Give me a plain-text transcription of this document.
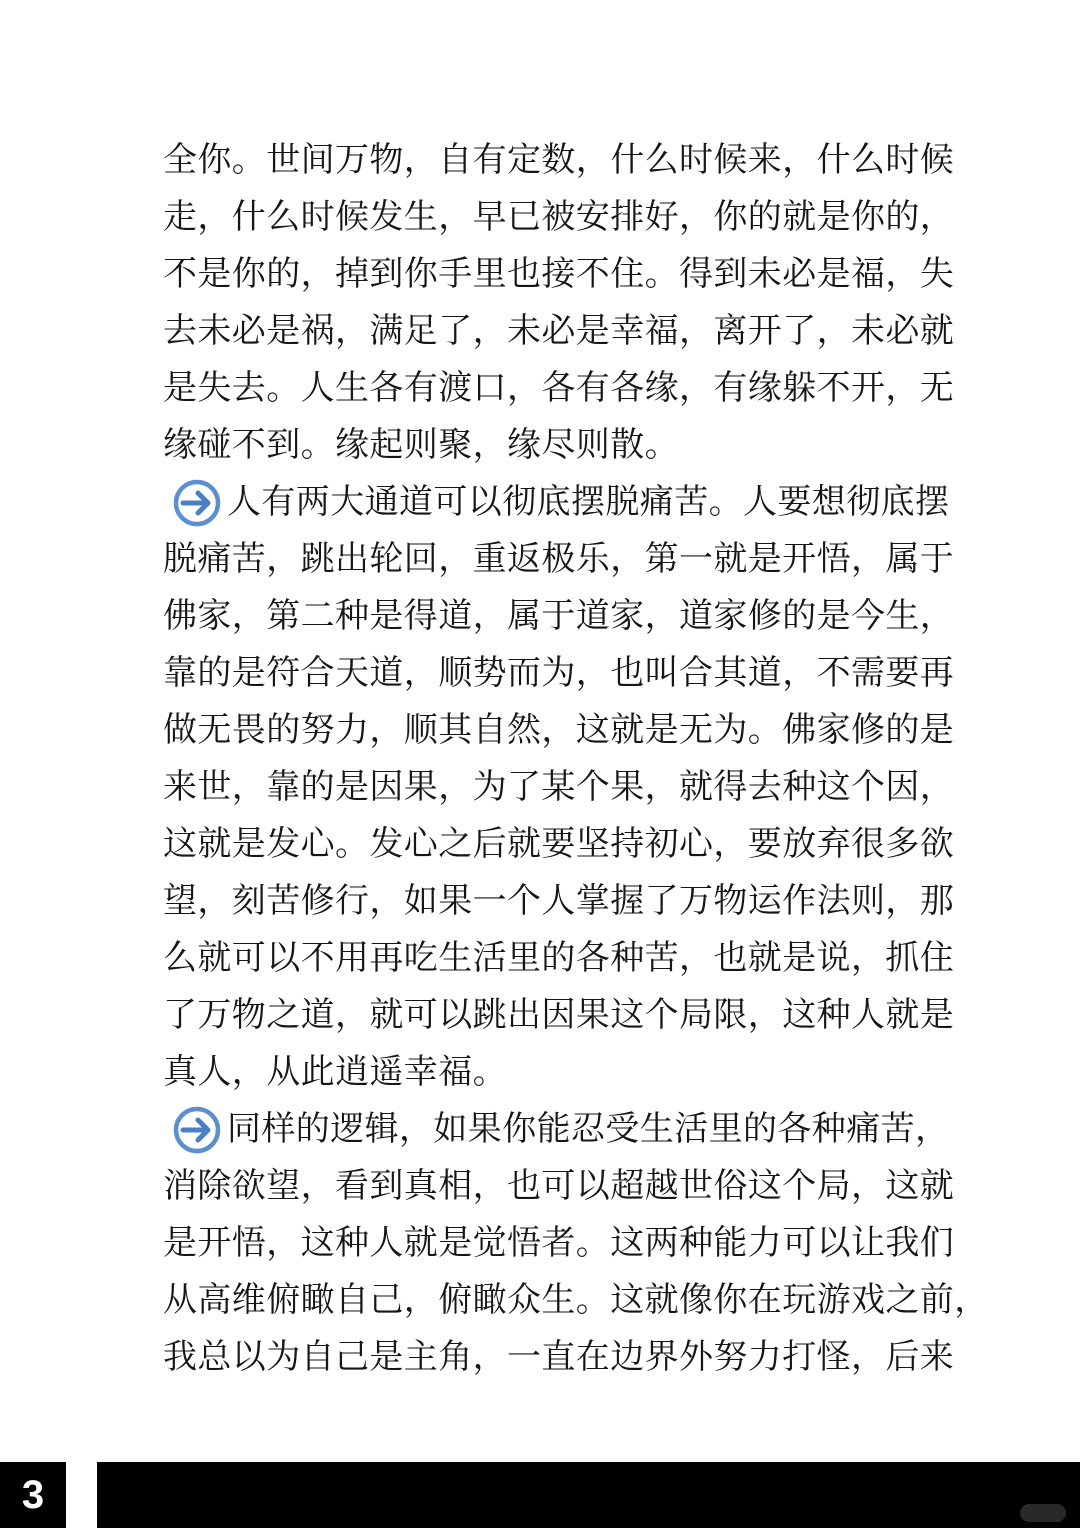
全你。世间万物，自有定数，什么时候来，什么时候
走，什么时候发生，早已被安排好，你的就是你的，
不是你的，掉到你手里也接不住。得到未必是福，失
去未必是祸，满足了，未必是幸福，离开了，未必就
是失去。人生各有渡口，各有各缘，有缘躲不开，无
缘碰不到。缘起则聚，缘尽则散。
人有两大通道可以彻底摆脱痛苦。人要想彻底摆
脱痛苦，跳出轮回，重返极乐，第一就是开悟，属于
佛家，第二种是得道，属于道家，道家修的是今生，
靠的是符合天道，顺势而为，也叫合其道，不需要再
做无畏的努力，顺其自然，这就是无为。佛家修的是
来世，靠的是因果，为了某个果，就得去种这个因，
这就是发心。发心之后就要坚持初心，要放弃很多欲
望，刻苦修行，如果一个人掌握了万物运作法则，那
么就可以不用再吃生活里的各种苦，也就是说，抓住
了万物之道，就可以跳出因果这个局限，这种人就是
真人，从此逍遥幸福。
同样的逻辑，如果你能忍受生活里的各种痛苦，
消除欲望，看到真相，也可以超越世俗这个局，这就
是开悟，这种人就是觉悟者。这两种能力可以让我们
从高维俯瞰自己，俯瞰众生。这就像你在玩游戏之前，
我总以为自己是主角，一直在边界外努力打怪，后来
3
